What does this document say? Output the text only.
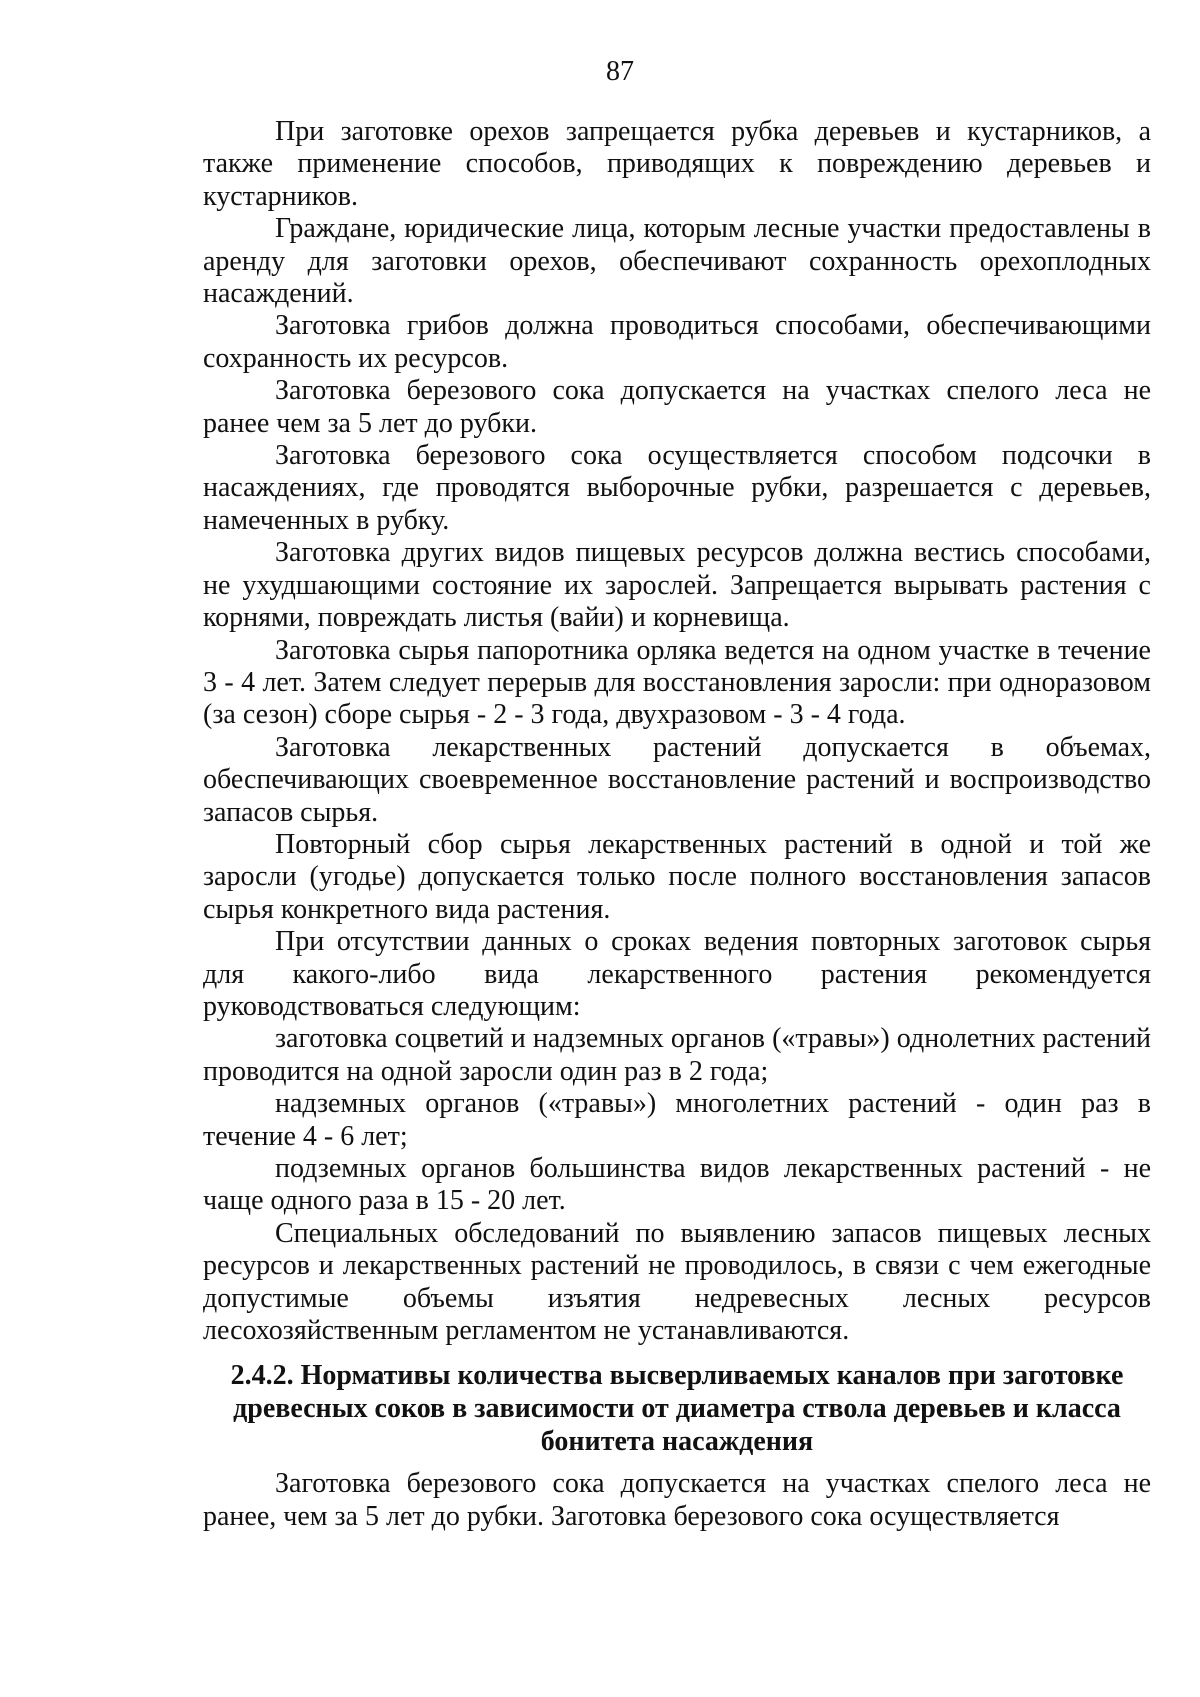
87

При заготовке орехов запрещается рубка деревьев и кустарников, а также применение способов, приводящих к повреждению деревьев и кустарников.

Граждане, юридические лица, которым лесные участки предоставлены в аренду для заготовки орехов, обеспечивают сохранность орехоплодных насаждений.

Заготовка грибов должна проводиться способами, обеспечивающими сохранность их ресурсов.

Заготовка березового сока допускается на участках спелого леса не ранее чем за 5 лет до рубки.

Заготовка березового сока осуществляется способом подсочки в насаждениях, где проводятся выборочные рубки, разрешается с деревьев, намеченных в рубку.

Заготовка других видов пищевых ресурсов должна вестись способами, не ухудшающими состояние их зарослей. Запрещается вырывать растения с корнями, повреждать листья (вайи) и корневища.

Заготовка сырья папоротника орляка ведется на одном участке в течение 3 - 4 лет. Затем следует перерыв для восстановления заросли: при одноразовом (за сезон) сборе сырья - 2 - 3 года, двухразовом - 3 - 4 года.

Заготовка лекарственных растений допускается в объемах, обеспечивающих своевременное восстановление растений и воспроизводство запасов сырья.

Повторный сбор сырья лекарственных растений в одной и той же заросли (угодье) допускается только после полного восстановления запасов сырья конкретного вида растения.

При отсутствии данных о сроках ведения повторных заготовок сырья для какого-либо вида лекарственного растения рекомендуется руководствоваться следующим:

заготовка соцветий и надземных органов («травы») однолетних растений проводится на одной заросли один раз в 2 года;

надземных органов («травы») многолетних растений - один раз в течение 4 - 6 лет;

подземных органов большинства видов лекарственных растений - не чаще одного раза в 15 - 20 лет.

Специальных обследований по выявлению запасов пищевых лесных ресурсов и лекарственных растений не проводилось, в связи с чем ежегодные допустимые объемы изъятия недревесных лесных ресурсов лесохозяйственным регламентом не устанавливаются.

2.4.2. Нормативы количества высверливаемых каналов при заготовке древесных соков в зависимости от диаметра ствола деревьев и класса бонитета насаждения

Заготовка березового сока допускается на участках спелого леса не ранее, чем за 5 лет до рубки. Заготовка березового сока осуществляется
